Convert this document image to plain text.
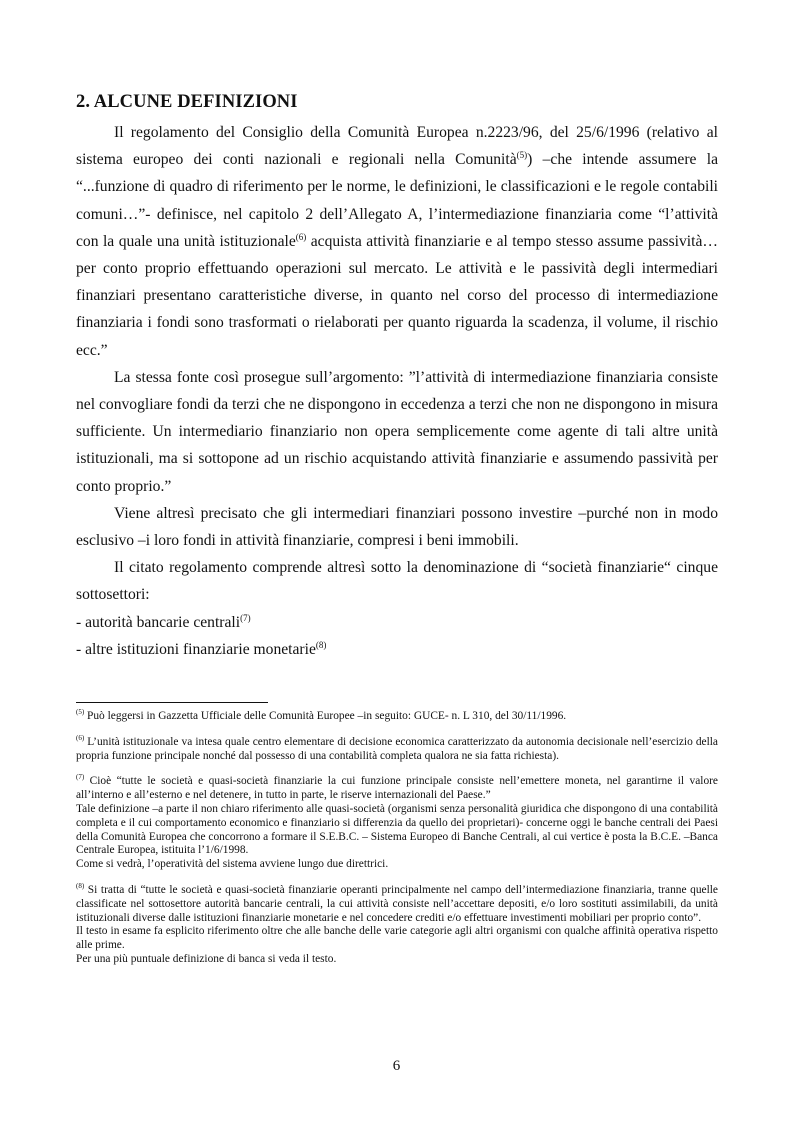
2. ALCUNE DEFINIZIONI

Il regolamento del Consiglio della Comunità Europea n.2223/96, del 25/6/1996 (relativo al sistema europeo dei conti nazionali e regionali nella Comunità$^{(5)}$) –che intende assumere la “...funzione di quadro di riferimento per le norme, le definizioni, le classificazioni e le regole contabili comuni…”- definisce, nel capitolo 2 dell’Allegato A, l’intermediazione finanziaria come “l’attività con la quale una unità istituzionale$^{(6)}$ acquista attività finanziarie e al tempo stesso assume passività…per conto proprio effettuando operazioni sul mercato. Le attività e le passività degli intermediari finanziari presentano caratteristiche diverse, in quanto nel corso del processo di intermediazione finanziaria i fondi sono trasformati o rielaborati per quanto riguarda la scadenza, il volume, il rischio ecc.”

La stessa fonte così prosegue sull’argomento: ”l’attività di intermediazione finanziaria consiste nel convogliare fondi da terzi che ne dispongono in eccedenza a terzi che non ne dispongono in misura sufficiente. Un intermediario finanziario non opera semplicemente come agente di tali altre unità istituzionali, ma si sottopone ad un rischio acquistando attività finanziarie e assumendo passività per conto proprio.”

Viene altresì precisato che gli intermediari finanziari possono investire –purché non in modo esclusivo –i loro fondi in attività finanziarie, compresi i beni immobili.

Il citato regolamento comprende altresì sotto la denominazione di “società finanziarie“ cinque sottosettori:

- autorità bancarie centrali$^{(7)}$

- altre istituzioni finanziarie monetarie$^{(8)}$

$^{(5)}$ Può leggersi in Gazzetta Ufficiale delle Comunità Europee –in seguito: GUCE- n. L 310, del 30/11/1996.

$^{(6)}$ L’unità istituzionale va intesa quale centro elementare di decisione economica caratterizzato da autonomia decisionale nell’esercizio della propria funzione principale nonché dal possesso di una contabilità completa qualora ne sia fatta richiesta).

$^{(7)}$ Cioè “tutte le società e quasi-società finanziarie la cui funzione principale consiste nell’emettere moneta, nel garantirne il valore all’interno e all’esterno e nel detenere, in tutto in parte, le riserve internazionali del Paese.”

Tale definizione –a parte il non chiaro riferimento alle quasi-società (organismi senza personalità giuridica che dispongono di una contabilità completa e il cui comportamento economico e finanziario si differenzia da quello dei proprietari)- concerne oggi le banche centrali dei Paesi della Comunità Europea che concorrono a formare il S.E.B.C. – Sistema Europeo di Banche Centrali, al cui vertice è posta la B.C.E. –Banca Centrale Europea, istituita l’1/6/1998.

Come si vedrà, l’operatività del sistema avviene lungo due direttrici.

$^{(8)}$ Si tratta di “tutte le società e quasi-società finanziarie operanti principalmente nel campo dell’intermediazione finanziaria, tranne quelle classificate nel sottosettore autorità bancarie centrali, la cui attività consiste nell’accettare depositi, e/o loro sostituti assimilabili, da unità istituzionali diverse dalle istituzioni finanziarie monetarie e nel concedere crediti e/o effettuare investimenti mobiliari per proprio conto”.

Il testo in esame fa esplicito riferimento oltre che alle banche delle varie categorie agli altri organismi con qualche affinità operativa rispetto alle prime.

Per una più puntuale definizione di banca si veda il testo.

6
